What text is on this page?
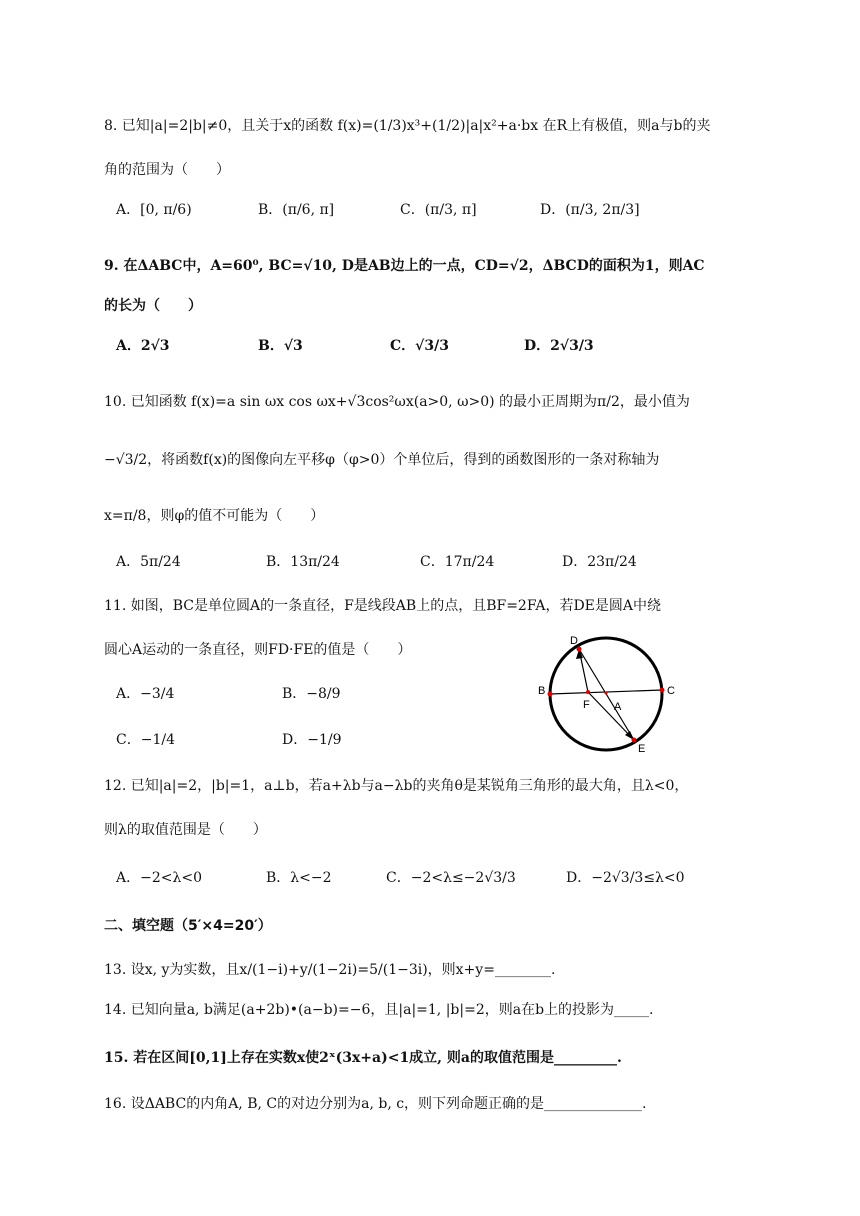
8. 已知|a|=2|b|≠0，且关于x的函数 f(x)=(1/3)x³+(1/2)|a|x²+a·bx 在R上有极值，则a与b的夹
角的范围为（　　）
A．[0, π/6)	B．(π/6, π]	C．(π/3, π]	D．(π/3, 2π/3]
9. 在ΔABC中，A=60⁰, BC=√10, D是AB边上的一点，CD=√2，ΔBCD的面积为1，则AC
的长为（　　）
A．2√3	B．√3	C．√3/3	D．2√3/3
10. 已知函数 f(x)=a sin ωx cos ωx+√3cos²ωx(a>0, ω>0) 的最小正周期为π/2，最小值为
−√3/2，将函数f(x)的图像向左平移φ（φ>0）个单位后，得到的函数图形的一条对称轴为
x=π/8，则φ的值不可能为（　　）
A．5π/24	B．13π/24	C．17π/24	D．23π/24
11. 如图，BC是单位圆A的一条直径，F是线段AB上的点，且BF=2FA，若DE是圆A中绕
圆心A运动的一条直径，则FD·FE的值是（　　）
A．−3/4	B．−8/9
C．−1/4	D．−1/9
D
B	C
F A
E
12. 已知|a|=2，|b|=1，a⊥b，若a+λb与a−λb的夹角θ是某锐角三角形的最大角，且λ<0，
则λ的取值范围是（　　）
A．−2<λ<0	B．λ<−2	C．−2<λ≤−2√3/3	D．−2√3/3≤λ<0
二、填空题（5′×4=20′）
13. 设x, y为实数，且x/(1−i)+y/(1−2i)=5/(1−3i)，则x+y=________.
14. 已知向量a, b满足(a+2b)•(a−b)=−6，且|a|=1, |b|=2，则a在b上的投影为_____.
15. 若在区间[0,1]上存在实数x使2ˣ(3x+a)<1成立, 则a的取值范围是_________.
16. 设ΔABC的内角A, B, C的对边分别为a, b, c，则下列命题正确的是______________.
